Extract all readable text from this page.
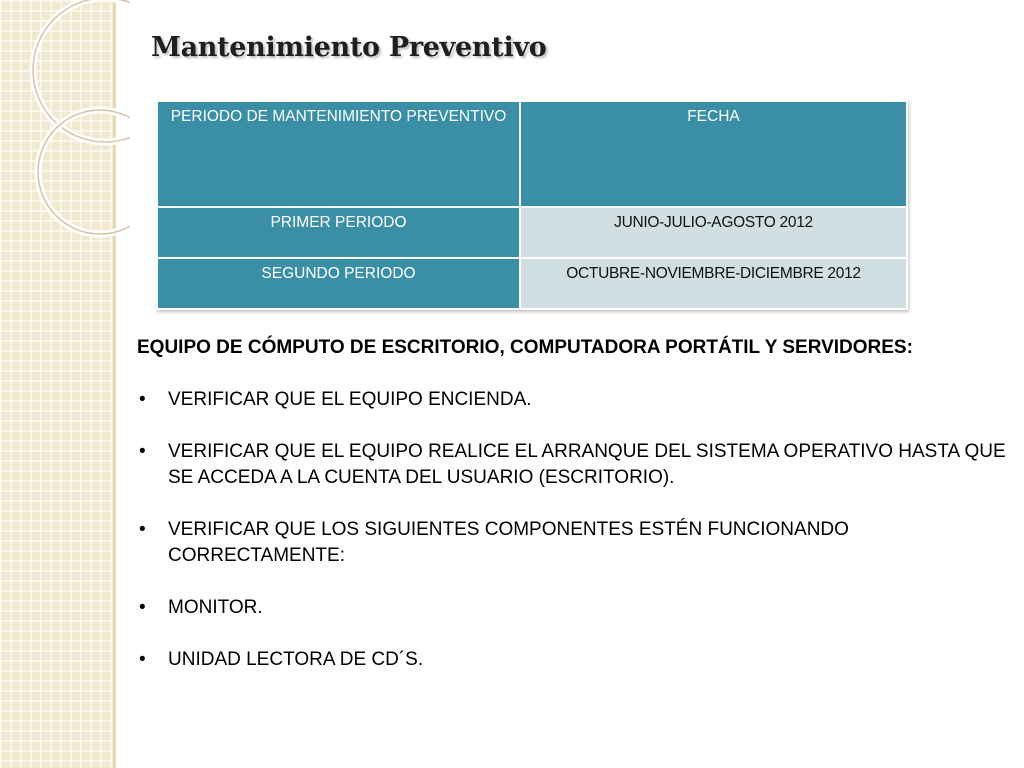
Mantenimiento Preventivo
PERIODO DE MANTENIMIENTO PREVENTIVO	FECHA
PRIMER PERIODO	JUNIO-JULIO-AGOSTO 2012
SEGUNDO PERIODO	OCTUBRE-NOVIEMBRE-DICIEMBRE 2012
EQUIPO DE CÓMPUTO DE ESCRITORIO, COMPUTADORA PORTÁTIL Y SERVIDORES:
• VERIFICAR QUE EL EQUIPO ENCIENDA.
• VERIFICAR QUE EL EQUIPO REALICE EL ARRANQUE DEL SISTEMA OPERATIVO HASTA QUE SE ACCEDA A LA CUENTA DEL USUARIO (ESCRITORIO).
• VERIFICAR QUE LOS SIGUIENTES COMPONENTES ESTÉN FUNCIONANDO CORRECTAMENTE:
• MONITOR.
• UNIDAD LECTORA DE CD´S.
